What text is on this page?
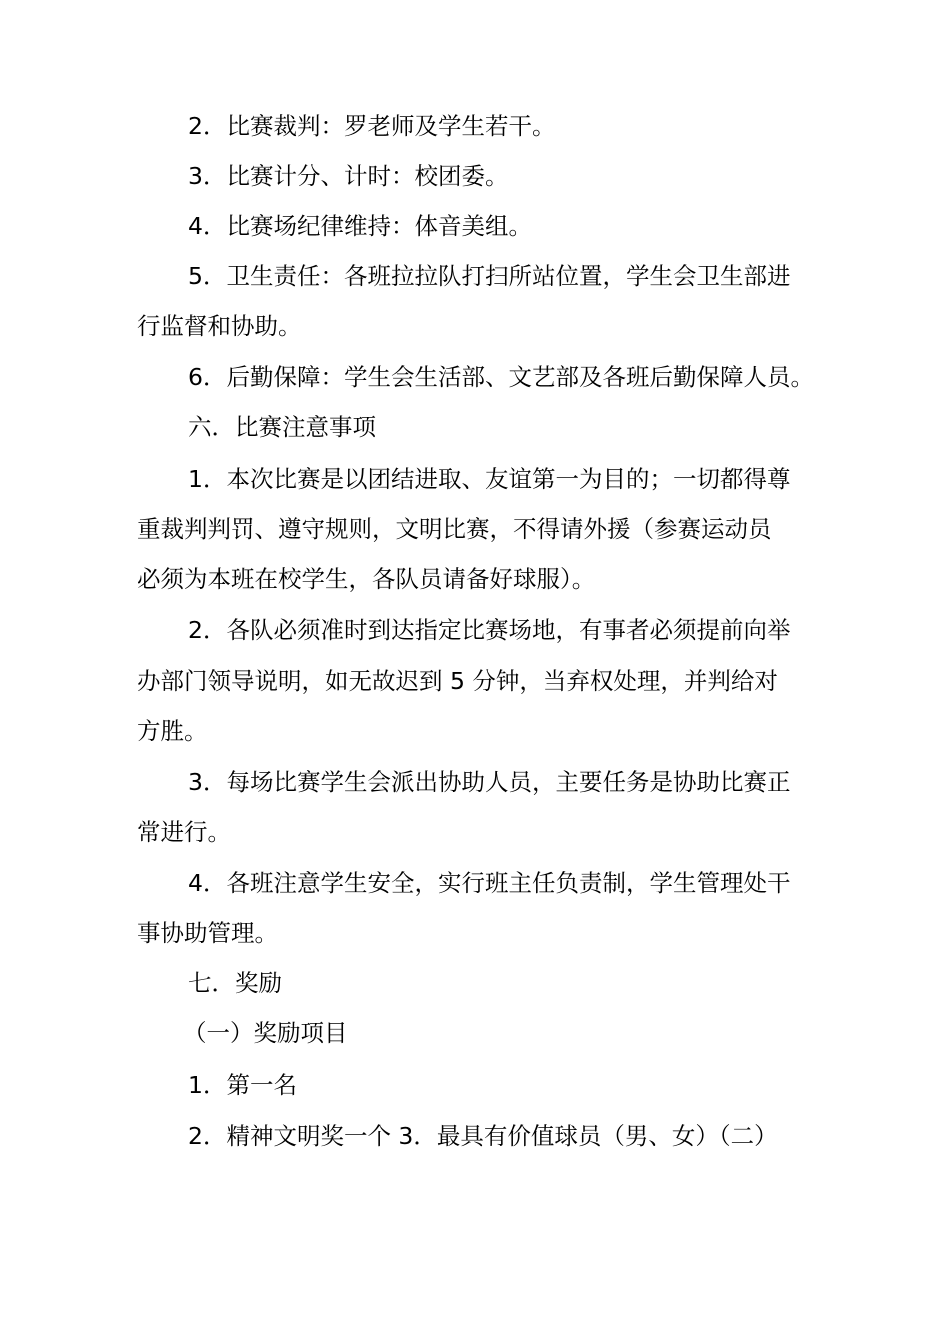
2．比赛裁判：罗老师及学生若干。
3．比赛计分、计时：校团委。
4．比赛场纪律维持：体音美组。
5．卫生责任：各班拉拉队打扫所站位置，学生会卫生部进
行监督和协助。
6．后勤保障：学生会生活部、文艺部及各班后勤保障人员。
六．比赛注意事项
1．本次比赛是以团结进取、友谊第一为目的；一切都得尊
重裁判判罚、遵守规则，文明比赛，不得请外援（参赛运动员
必须为本班在校学生，各队员请备好球服）。
2．各队必须准时到达指定比赛场地，有事者必须提前向举
办部门领导说明，如无故迟到 5 分钟，当弃权处理，并判给对
方胜。
3．每场比赛学生会派出协助人员，主要任务是协助比赛正
常进行。
4．各班注意学生安全，实行班主任负责制，学生管理处干
事协助管理。
七．奖励
（一）奖励项目
1．第一名
2．精神文明奖一个 3．最具有价值球员（男、女）（二）
